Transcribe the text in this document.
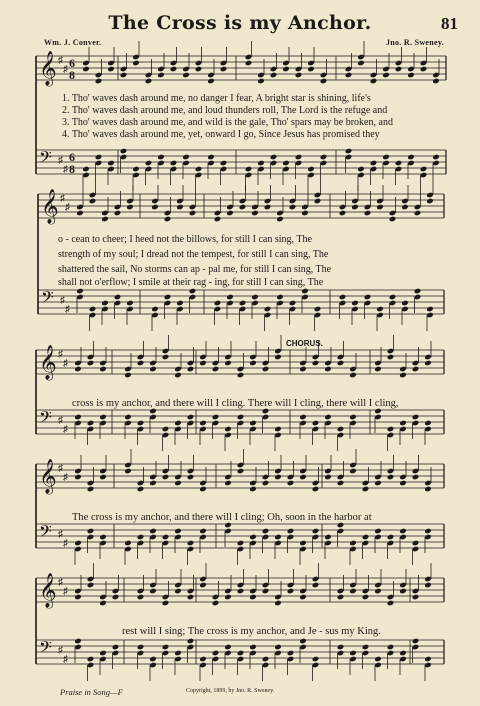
𝄞 ♯
♯ 6
8
𝄢 ♯
♯
6
8
𝄞 ♯
♯
𝄢 ♯
♯
𝄞 ♯
♯
𝄢 ♯
♯
𝄞 ♯
♯
𝄢 ♯
♯
𝄞 ♯
♯
𝄢 ♯
♯
The Cross is my Anchor.	81
Wm. J. Conver.	Jno. R. Sweney.
1. Tho' waves dash around me, no danger I fear, A bright star is shining, life's
2. Tho' waves dash around me, and loud thunders roll, The Lord is the refuge and
3. Tho' waves dash around me, and wild is the gale, Tho' spars may be broken, and
4. Tho' waves dash around me, yet, onward I go, Since Jesus has promised they
o - cean to cheer; I heed not the billows, for still I can sing, The
strength of my soul; I dread not the tempest, for still I can sing, The
shattered the sail, No storms can ap - pal me, for still I can sing, The
shall not o'erflow; I smile at their rag - ing, for still I can sing, The
CHORUS.
cross is my anchor, and there will I cling. There will I cling, there will I cling,
The cross is my anchor, and there will I cling; Oh, soon in the harbor at
rest will I sing; The cross is my anchor, and Je - sus my King.
Praise in Song—F	Copyright, 1899, by Jno. R. Sweney.
